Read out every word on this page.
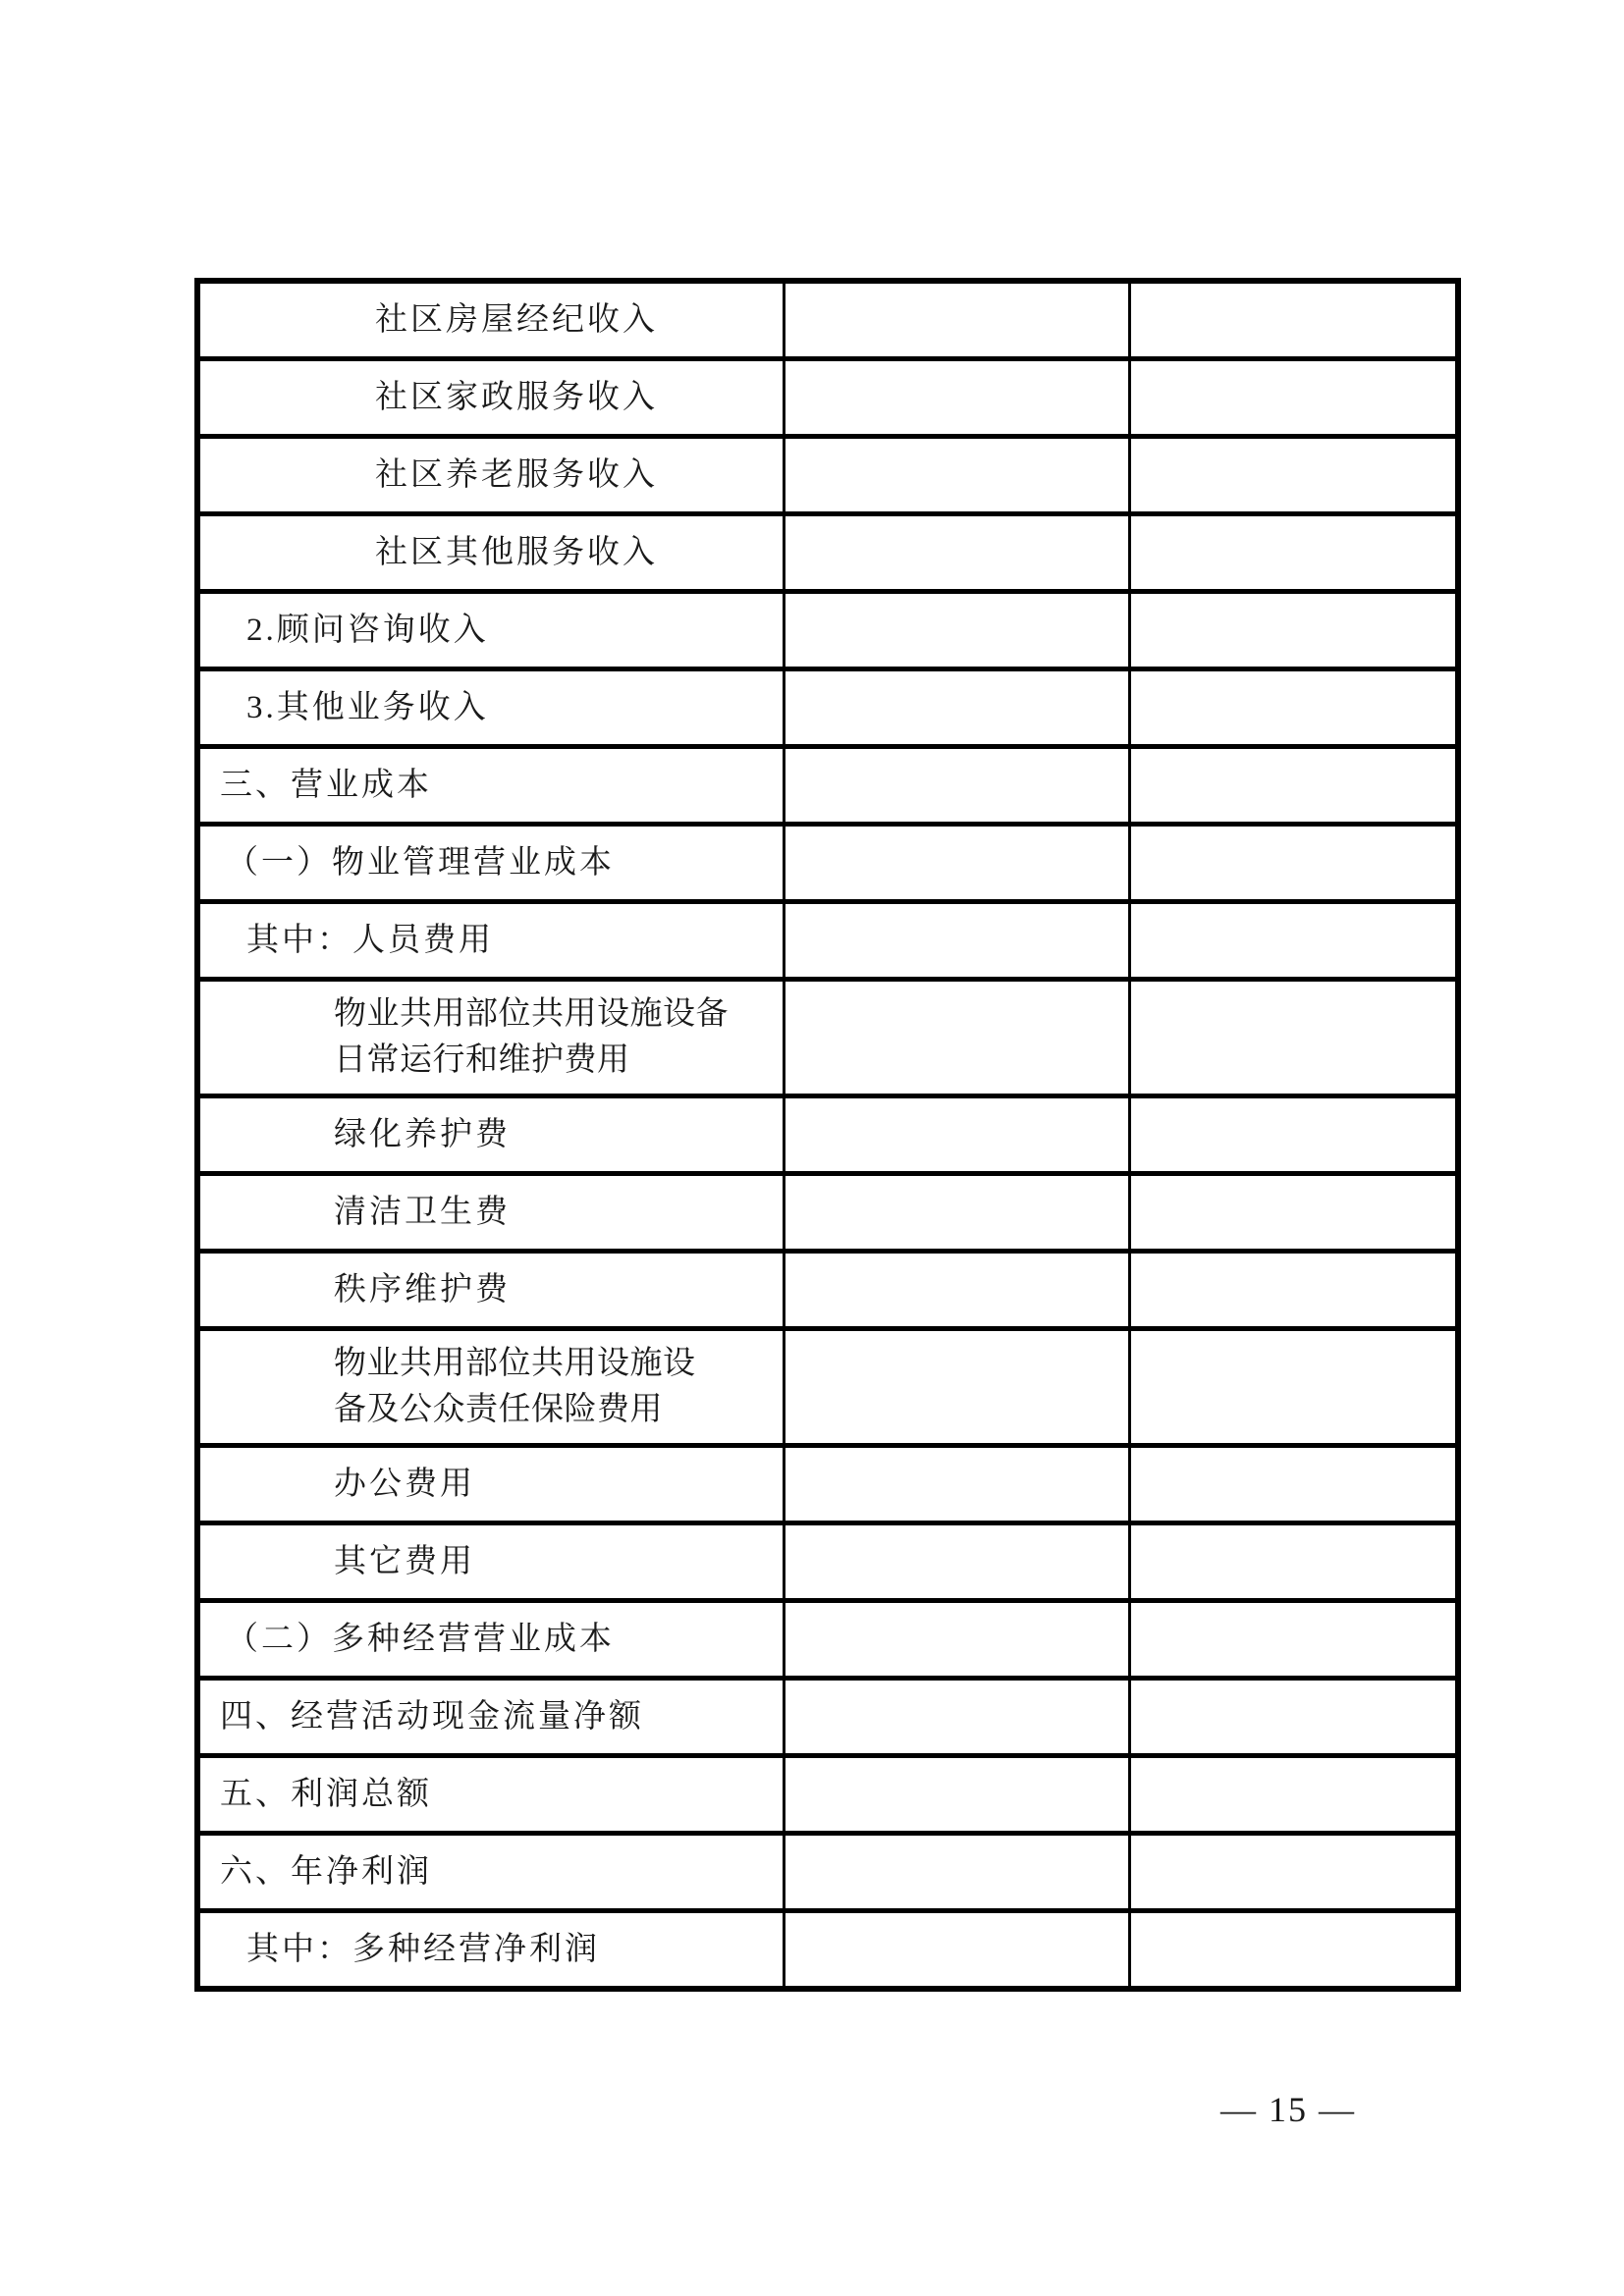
社区房屋经纪收入		

社区家政服务收入		

社区养老服务收入		

社区其他服务收入		

2.顾问咨询收入		

3.其他业务收入		

三、营业成本		

（一）物业管理营业成本		

其中：人员费用		

物业共用部位共用设施设备
日常运行和维护费用		

绿化养护费		

清洁卫生费		

秩序维护费		

物业共用部位共用设施设
备及公众责任保险费用		

办公费用		

其它费用		

（二）多种经营营业成本		

四、经营活动现金流量净额		

五、利润总额		

六、年净利润		

其中：多种经营净利润		

— 15 —
